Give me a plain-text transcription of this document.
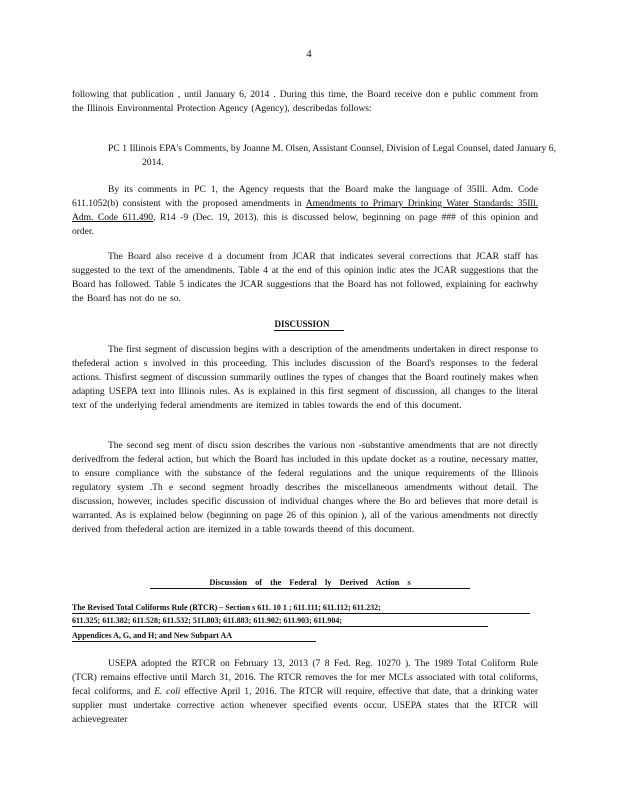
4
following that publication , until January 6, 2014 . During this time, the Board receive don e public comment from the Illinois Environmental Protection Agency (Agency), describedas follows:
PC 1 Illinois EPA's Comments, by Joanne M. Olsen, Assistant Counsel, Division of Legal Counsel, dated January 6, 2014.
By its comments in PC 1, the Agency requests that the Board make the language of 35Ill. Adm. Code 611.1052(b) consistent with the proposed amendments in Amendments to Primary Drinking Water Standards: 35Ill. Adm. Code 611.490, R14 -9 (Dec. 19, 2013). this is discussed below, beginning on page ### of this opinion and order.
The Board also receive d a document from JCAR that indicates several corrections that JCAR staff has suggested to the text of the amendments. Table 4 at the end of this opinion indic ates the JCAR suggestions that the Board has followed. Table 5 indicates the JCAR suggestions that the Board has not followed, explaining for eachwhy the Board has not do ne so.
DISCUSSION
The first segment of discussion begins with a description of the amendments undertaken in direct response to thefederal action s involved in this proceeding. This includes discussion of the Board's responses to the federal actions. Thisfirst segment of discussion summarily outlines the types of changes that the Board routinely makes when adapting USEPA text into Illinois rules. As is explained in this first segment of discussion, all changes to the literal text of the underlying federal amendments are itemized in tables towards the end of this document.
The second seg ment of discu ssion describes the various non -substantive amendments that are not directly derivedfrom the federal action, but which the Board has included in this update docket as a routine, necessary matter, to ensure compliance with the substance of the federal regulations and the unique requirements of the Illinois regulatory system .Th e second segment broadly describes the miscellaneous amendments without detail. The discussion, however, includes specific discussion of individual changes where the Bo ard believes that more detail is warranted. As is explained below (beginning on page 26 of this opinion ), all of the various amendments not directly derived from thefederal action are itemized in a table towards theend of this document.
Discussion of the Federal ly Derived Action s
The Revised Total Coliforms Rule (RTCR) – Section s 611. 10 1 ; 611.111; 611.112; 611.232;
611.325; 611.382; 611.528; 611.532; 511.803; 611.883; 611.902; 611.903; 611.904;
Appendices A, G, and H; and New Subpart AA
USEPA adopted the RTCR on February 13, 2013 (7 8 Fed. Reg. 10270 ). The 1989 Total Coliform Rule (TCR) remains effective until March 31, 2016. The RTCR removes the for mer MCLs associated with total coliforms, fecal coliforms, and E. coli effective April 1, 2016. The RTCR will require, effective that date, that a drinking water supplier must undertake corrective action whenever specified events occur. USEPA states that the RTCR will achievegreater
